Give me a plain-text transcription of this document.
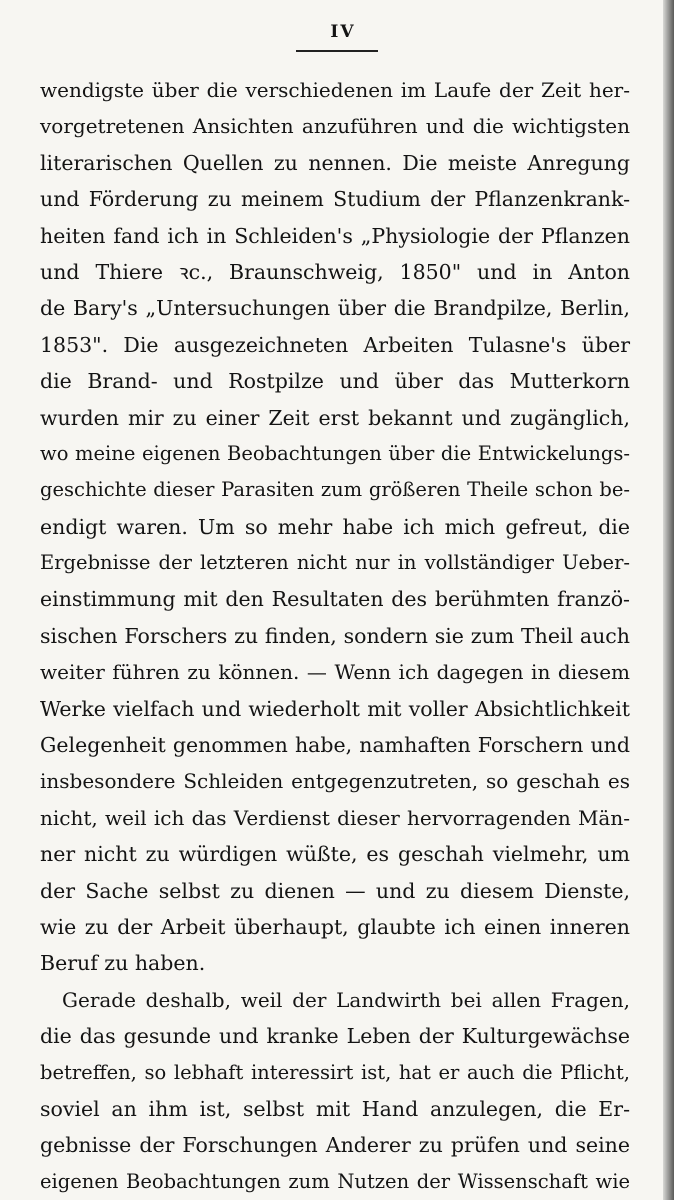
IV
wendigste über die verschiedenen im Laufe der Zeit her-
vorgetretenen Ansichten anzuführen und die wichtigsten
literarischen Quellen zu nennen. Die meiste Anregung
und Förderung zu meinem Studium der Pflanzenkrank-
heiten fand ich in Schleiden's „Physiologie der Pflanzen
und Thiere ꝛc., Braunschweig, 1850" und in Anton
de Bary's „Untersuchungen über die Brandpilze, Berlin,
1853". Die ausgezeichneten Arbeiten Tulasne's über
die Brand- und Rostpilze und über das Mutterkorn
wurden mir zu einer Zeit erst bekannt und zugänglich,
wo meine eigenen Beobachtungen über die Entwickelungs-
geschichte dieser Parasiten zum größeren Theile schon be-
endigt waren. Um so mehr habe ich mich gefreut, die
Ergebnisse der letzteren nicht nur in vollständiger Ueber-
einstimmung mit den Resultaten des berühmten franzö-
sischen Forschers zu finden, sondern sie zum Theil auch
weiter führen zu können. — Wenn ich dagegen in diesem
Werke vielfach und wiederholt mit voller Absichtlichkeit
Gelegenheit genommen habe, namhaften Forschern und
insbesondere Schleiden entgegenzutreten, so geschah es
nicht, weil ich das Verdienst dieser hervorragenden Män-
ner nicht zu würdigen wüßte, es geschah vielmehr, um
der Sache selbst zu dienen — und zu diesem Dienste,
wie zu der Arbeit überhaupt, glaubte ich einen inneren
Beruf zu haben.
Gerade deshalb, weil der Landwirth bei allen Fragen,
die das gesunde und kranke Leben der Kulturgewächse
betreffen, so lebhaft interessirt ist, hat er auch die Pflicht,
soviel an ihm ist, selbst mit Hand anzulegen, die Er-
gebnisse der Forschungen Anderer zu prüfen und seine
eigenen Beobachtungen zum Nutzen der Wissenschaft wie
